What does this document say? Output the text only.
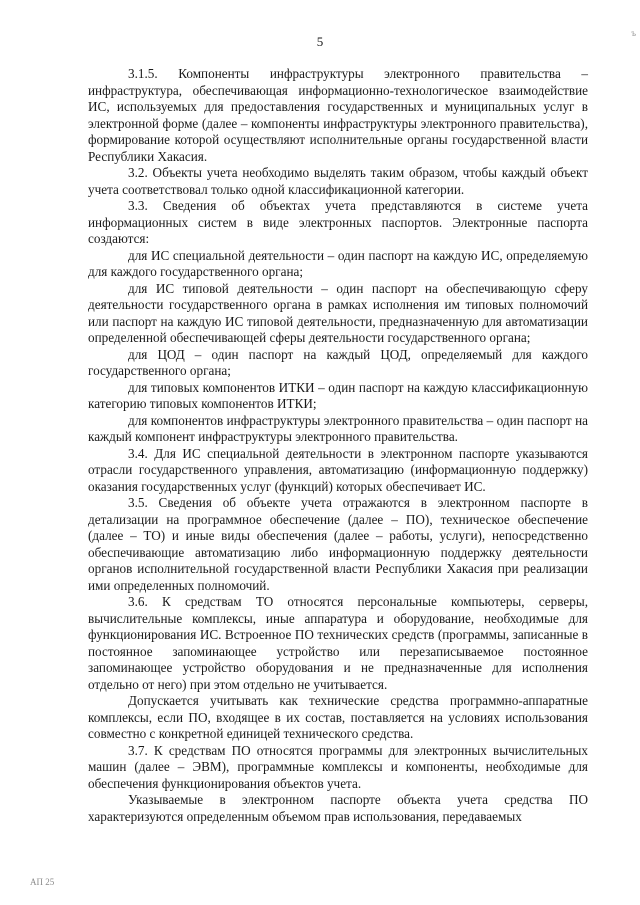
5
ъ

3.1.5. Компоненты инфраструктуры электронного правительства – инфраструктура, обеспечивающая информационно-технологическое взаимодействие ИС, используемых для предоставления государственных и муниципальных услуг в электронной форме (далее – компоненты инфраструктуры электронного правительства), формирование которой осуществляют исполнительные органы государственной власти Республики Хакасия.

3.2. Объекты учета необходимо выделять таким образом, чтобы каждый объект учета соответствовал только одной классификационной категории.

3.3. Сведения об объектах учета представляются в системе учета информационных систем в виде электронных паспортов. Электронные паспорта создаются:

для ИС специальной деятельности – один паспорт на каждую ИС, определяемую для каждого государственного органа;

для ИС типовой деятельности – один паспорт на обеспечивающую сферу деятельности государственного органа в рамках исполнения им типовых полномочий или паспорт на каждую ИС типовой деятельности, предназначенную для автоматизации определенной обеспечивающей сферы деятельности государственного органа;

для ЦОД – один паспорт на каждый ЦОД, определяемый для каждого государственного органа;

для типовых компонентов ИТКИ – один паспорт на каждую классификационную категорию типовых компонентов ИТКИ;

для компонентов инфраструктуры электронного правительства – один паспорт на каждый компонент инфраструктуры электронного правительства.

3.4. Для ИС специальной деятельности в электронном паспорте указываются отрасли государственного управления, автоматизацию (информационную поддержку) оказания государственных услуг (функций) которых обеспечивает ИС.

3.5. Сведения об объекте учета отражаются в электронном паспорте в детализации на программное обеспечение (далее – ПО), техническое обеспечение (далее – ТО) и иные виды обеспечения (далее – работы, услуги), непосредственно обеспечивающие автоматизацию либо информационную поддержку деятельности органов исполнительной государственной власти Республики Хакасия при реализации ими определенных полномочий.

3.6. К средствам ТО относятся персональные компьютеры, серверы, вычислительные комплексы, иные аппаратура и оборудование, необходимые для функционирования ИС. Встроенное ПО технических средств (программы, записанные в постоянное запоминающее устройство или перезаписываемое постоянное запоминающее устройство оборудования и не предназначенные для исполнения отдельно от него) при этом отдельно не учитывается.

Допускается учитывать как технические средства программно-аппаратные комплексы, если ПО, входящее в их состав, поставляется на условиях использования совместно с конкретной единицей технического средства.

3.7. К средствам ПО относятся программы для электронных вычислительных машин (далее – ЭВМ), программные комплексы и компоненты, необходимые для обеспечения функционирования объектов учета.

Указываемые в электронном паспорте объекта учета средства ПО характеризуются определенным объемом прав использования, передаваемых

АП 25
